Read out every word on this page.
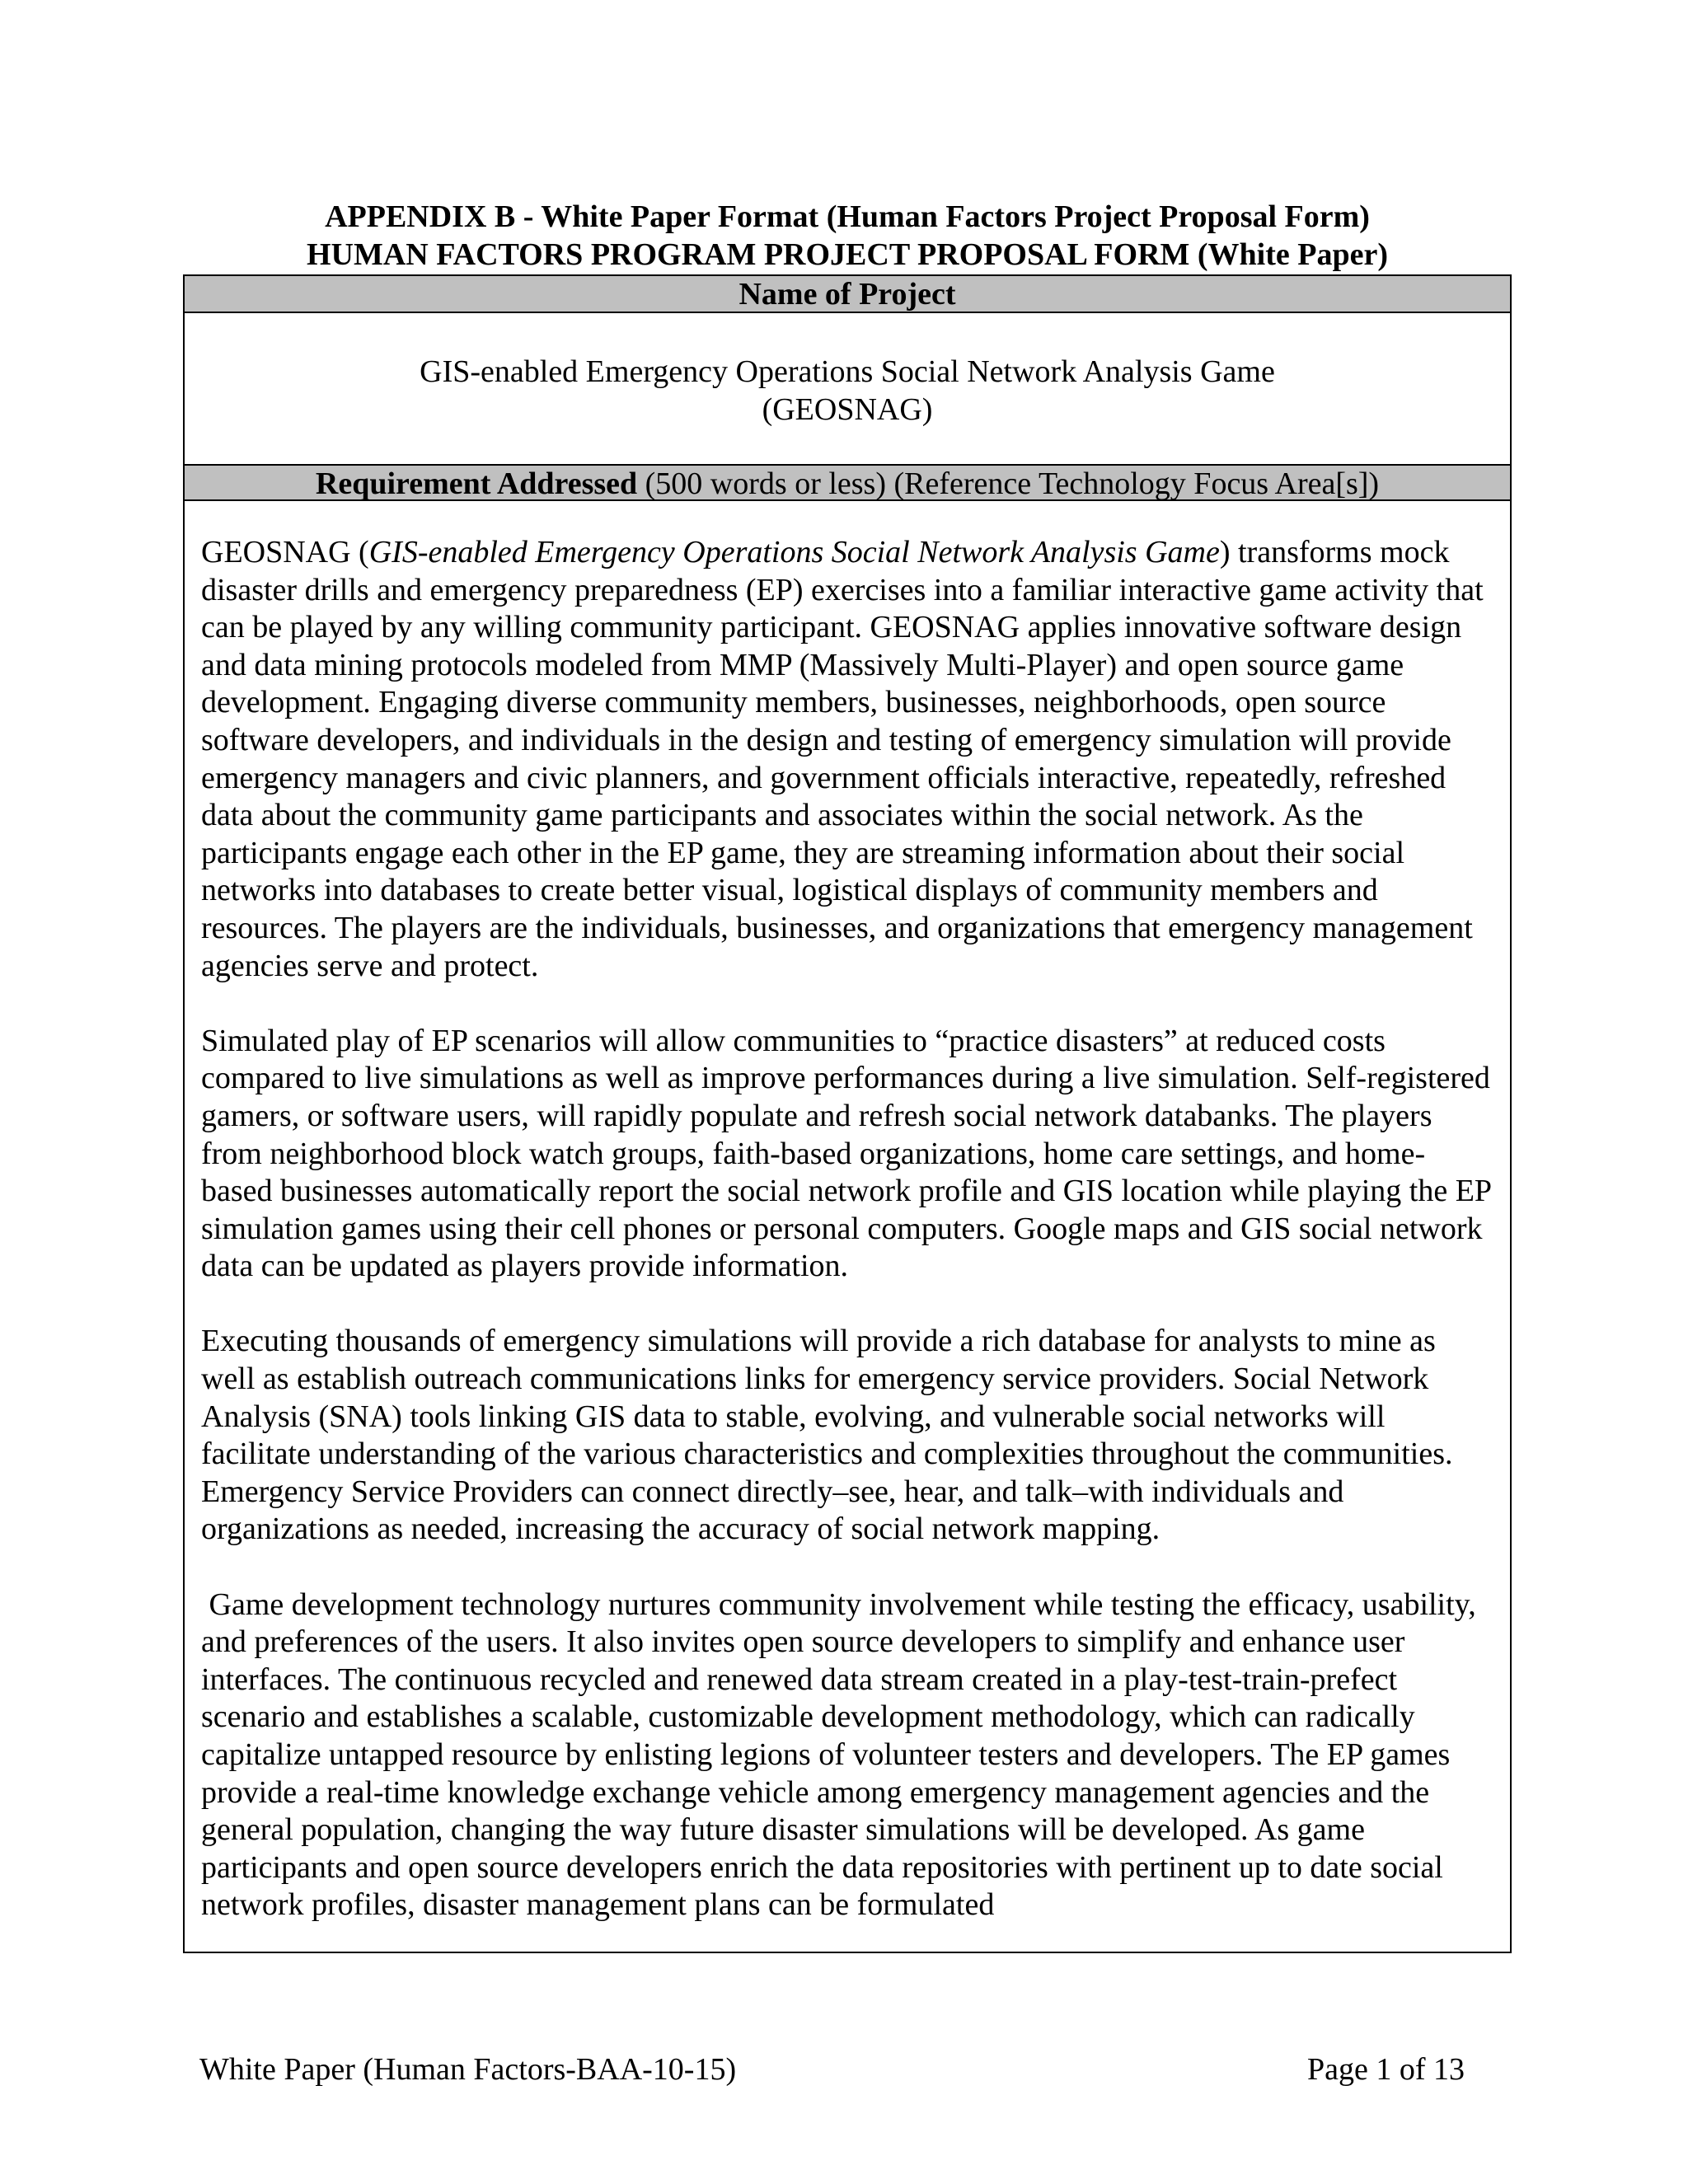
APPENDIX B - White Paper Format (Human Factors Project Proposal Form)
HUMAN FACTORS PROGRAM PROJECT PROPOSAL FORM (White Paper)
Name of Project
GIS-enabled Emergency Operations Social Network Analysis Game
(GEOSNAG)
Requirement Addressed (500 words or less) (Reference Technology Focus Area[s])

GEOSNAG (GIS-enabled Emergency Operations Social Network Analysis Game) transforms mock disaster drills and emergency preparedness (EP) exercises into a familiar interactive game activity that can be played by any willing community participant. GEOSNAG applies innovative software design and data mining protocols modeled from MMP (Massively Multi-Player) and open source game development. Engaging diverse community members, businesses, neighborhoods, open source software developers, and individuals in the design and testing of emergency simulation will provide emergency managers and civic planners, and government officials interactive, repeatedly, refreshed data about the community game participants and associates within the social network. As the participants engage each other in the EP game, they are streaming information about their social networks into databases to create better visual, logistical displays of community members and resources. The players are the individuals, businesses, and organizations that emergency management agencies serve and protect.

Simulated play of EP scenarios will allow communities to “practice disasters” at reduced costs compared to live simulations as well as improve performances during a live simulation. Self-registered gamers, or software users, will rapidly populate and refresh social network databanks. The players from neighborhood block watch groups, faith-based organizations, home care settings, and home-based businesses automatically report the social network profile and GIS location while playing the EP simulation games using their cell phones or personal computers. Google maps and GIS social network data can be updated as players provide information.

Executing thousands of emergency simulations will provide a rich database for analysts to mine as well as establish outreach communications links for emergency service providers. Social Network Analysis (SNA) tools linking GIS data to stable, evolving, and vulnerable social networks will facilitate understanding of the various characteristics and complexities throughout the communities. Emergency Service Providers can connect directly–see, hear, and talk–with individuals and organizations as needed, increasing the accuracy of social network mapping.

Game development technology nurtures community involvement while testing the efficacy, usability, and preferences of the users. It also invites open source developers to simplify and enhance user interfaces. The continuous recycled and renewed data stream created in a play-test-train-prefect scenario and establishes a scalable, customizable development methodology, which can radically capitalize untapped resource by enlisting legions of volunteer testers and developers. The EP games provide a real-time knowledge exchange vehicle among emergency management agencies and the general population, changing the way future disaster simulations will be developed. As game participants and open source developers enrich the data repositories with pertinent up to date social network profiles, disaster management plans can be formulated

White Paper (Human Factors-BAA-10-15)	Page 1 of 13
